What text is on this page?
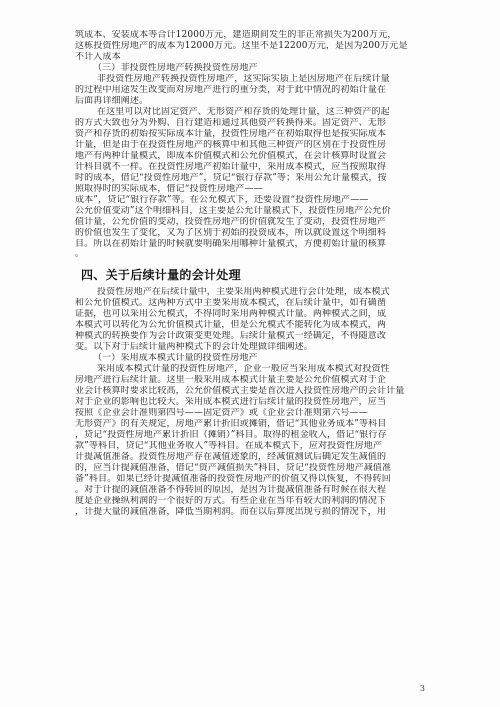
筑成本、安装成本等合计12000万元，建造期间发生的非正常损失为200万元，
这栋投资性房地产的成本为12000万元。这里不是12200万元，是因为200万元是
不计入成本
（三）非投资性房地产转换投资性房地产
非投资性房地产转换投资性房地产，这实际实质上是因房地产在后续计量
的过程中用途发生改变而对房地产进行的重分类，对于此中情况的初始计量在
后面再详细阐述。
在这里可以对比固定资产、无形资产和存货的处理计量，这三种资产的起
的方式大致也分为外购、自行建造和通过其他资产转换得来。固定资产、无形
资产和存货的初始按实际成本计量，投资性房地产在初始取得也是按实际成本
计量，但是由于在投资性房地产的核算中和其他三种资产的区别在于投资性房
地产有两种计量模式，即成本价值模式和公允价值模式，在会计核算时设置会
计科目就不一样。在投资性房地产初始计量中，采用成本模式，应当按照取得
时的成本，借记“投资性房地产”，贷记“银行存款”等；采用公允计量模式，按
照取得时的实际成本，借记“投资性房地产——
成本”，贷记“银行存款”等。在公允模式下，还要设置“投资性房地产——
公允价值变动”这个明细科目，这主要是公允计量模式下，投资性房地产公允价
值计量，公允价值的变动，投资性房地产的价值就发生了变动，投资性房地产
的价值也发生了变化，又为了区别于初始的投资成本，所以就设置这个明细科
目。所以在初始计量的时候就要明确采用哪种计量模式，方便初始计量的核算
。
四、关于后续计量的会计处理
投资性房地产在后续计量中，主要采用两种模式进行会计处理，成本模式
和公允价值模式。这两种方式中主要采用成本模式，在后续计量中，如有确凿
证据，也可以采用公允模式，不得同时采用两种模式计量。两种模式之间，成
本模式可以转化为公允价值模式计量，但是公允模式不能转化为成本模式，两
种模式的转换要作为会计政策变更处理。后续计量模式一经确定，不得随意改
变。以下对于后续计量两种模式下的会计处理做详细阐述。
（一）采用成本模式计量的投资性房地产
采用成本模式计量的投资性房地产，企业一般应当采用成本模式对投资性
房地产进行后续计量。这里一般采用成本模式计量主要是公允价值模式对于企
业会计核算时要求比较高，公允价值模式主要是首次进入投资性房地产的会计计量
对于企业的影响也比较大。采用成本模式进行后续计量的投资性房地产，应当
按照《企业会计准则第四号——固定资产》或《企业会计准则第六号——
无形资产》的有关规定，房地产累计折旧或摊销，借记“其他业务成本”等科目
，贷记“投资性房地产累计折旧（摊销）”科目。取得的租金收入，借记“银行存
款”等科目，贷记“其他业务收入”等科目。在成本模式下，应对投资性房地产
计提减值准备。投资性房地产存在减值迹象的，经减值测试后确定发生减值的
的，应当计提减值准备，借记“资产减值损失”科目，贷记“投资性房地产减值准
备”科目。如果已经计提减值准备的投资性房地产的价值又得以恢复，不得转回
。对于计提的减值准备不得转回的原因，是因为计提减值准备有时候在很大程
度是企业操纵利润的一个很好的方式。有些企业在当年有较大的利润的情况下
，计提大量的减值准备，降低当期利润。而在以后算度出现亏损的情况下，用
3
